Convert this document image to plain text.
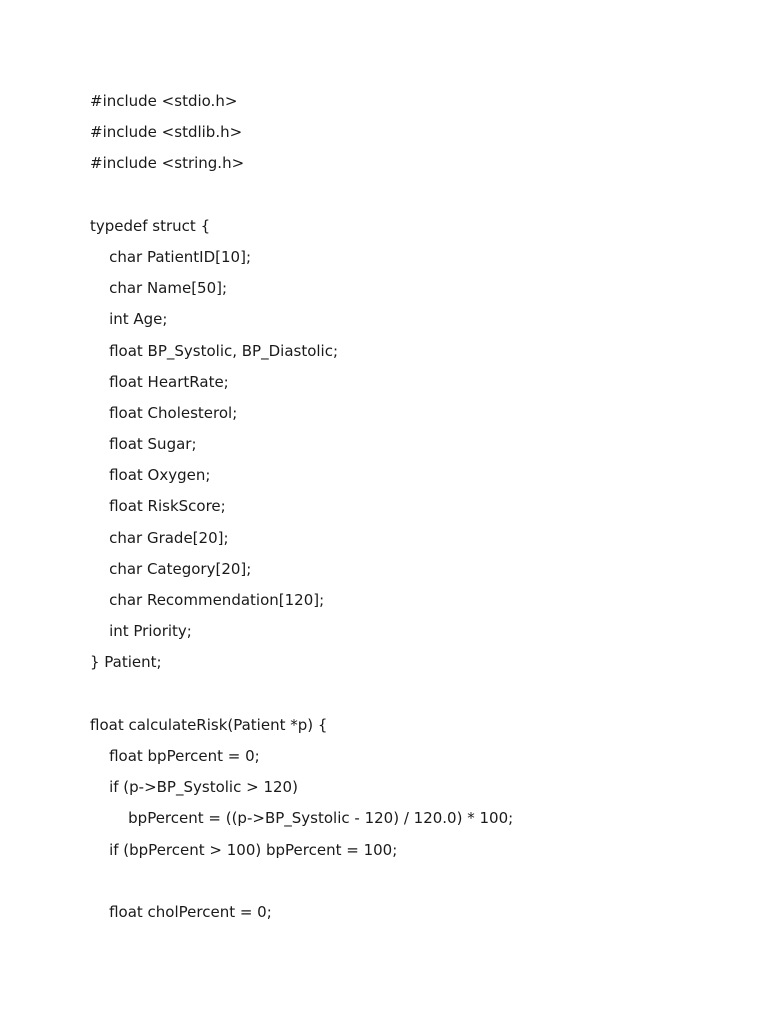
#include <stdio.h>
#include <stdlib.h>
#include <string.h>
typedef struct {
char PatientID[10];
char Name[50];
int Age;
float BP_Systolic, BP_Diastolic;
float HeartRate;
float Cholesterol;
float Sugar;
float Oxygen;
float RiskScore;
char Grade[20];
char Category[20];
char Recommendation[120];
int Priority;
} Patient;
float calculateRisk(Patient *p) {
float bpPercent = 0;
if (p->BP_Systolic > 120)
bpPercent = ((p->BP_Systolic - 120) / 120.0) * 100;
if (bpPercent > 100) bpPercent = 100;
float cholPercent = 0;
